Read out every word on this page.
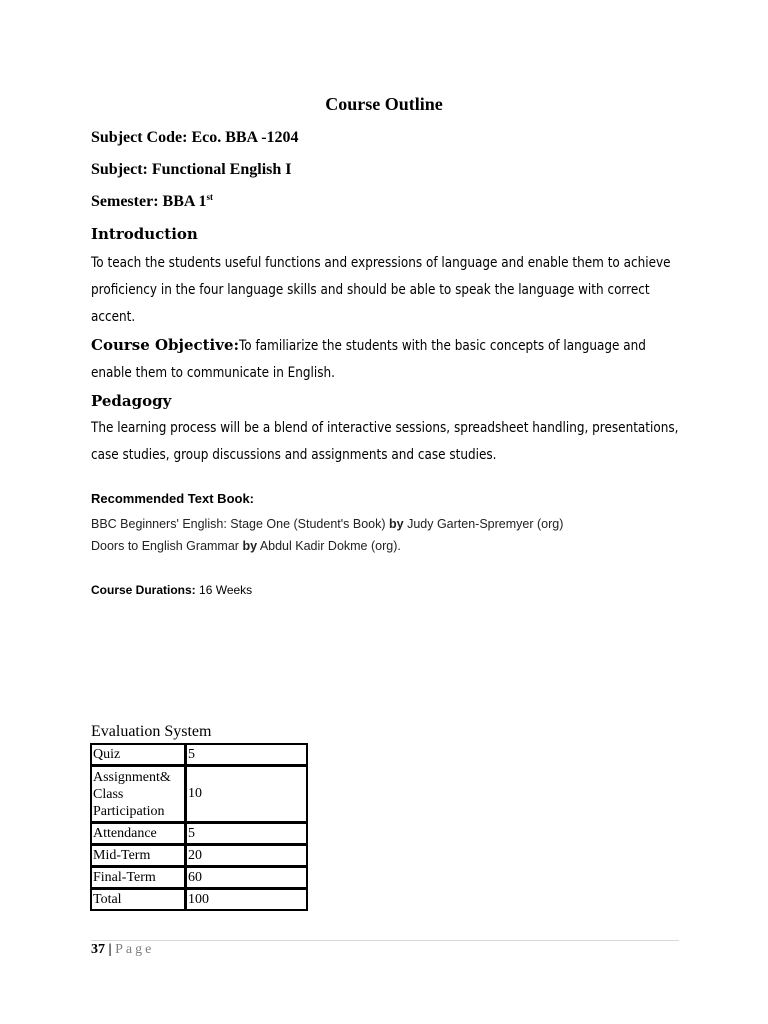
Course Outline
Subject Code: Eco. BBA -1204
Subject: Functional English I
Semester: BBA 1st
Introduction
To teach the students useful functions and expressions of language and enable them to achieve
proficiency in the four language skills and should be able to speak the language with correct
accent.
Course Objective:To familiarize the students with the basic concepts of language and
enable them to communicate in English.
Pedagogy
The learning process will be a blend of interactive sessions, spreadsheet handling, presentations,
case studies, group discussions and assignments and case studies.
Recommended Text Book:
BBC Beginners' English: Stage One (Student's Book) by Judy Garten-Spremyer (org)
Doors to English Grammar by Abdul Kadir Dokme (org).
Course Durations: 16 Weeks
Evaluation System
Quiz	5
Assignment& Class Participation	10
Attendance	5
Mid-Term	20
Final-Term	60
Total	100
37 | Page
